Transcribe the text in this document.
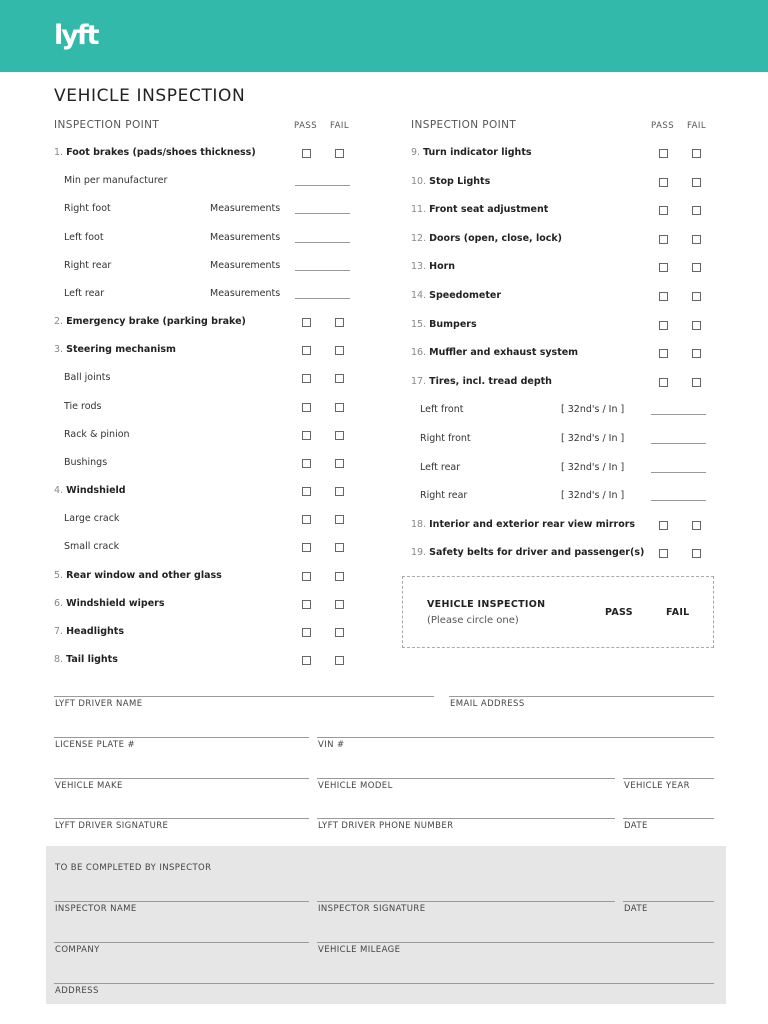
lyft
VEHICLE INSPECTION
INSPECTION POINT	PASS FAIL	INSPECTION POINT	PASS FAIL
1. Foot brakes (pads/shoes thickness)
Min per manufacturer
Right foot	Measurements
Left foot	Measurements
Right rear	Measurements
Left rear	Measurements
2. Emergency brake (parking brake)
3. Steering mechanism
Ball joints
Tie rods
Rack & pinion
Bushings
4. Windshield
Large crack
Small crack
5. Rear window and other glass
6. Windshield wipers
7. Headlights
8. Tail lights
9. Turn indicator lights
10. Stop Lights
11. Front seat adjustment
12. Doors (open, close, lock)
13. Horn
14. Speedometer
15. Bumpers
16. Muffler and exhaust system
17. Tires, incl. tread depth
Left front	[ 32nd's / In ]
Right front	[ 32nd's / In ]
Left rear	[ 32nd's / In ]
Right rear	[ 32nd's / In ]
18. Interior and exterior rear view mirrors
19. Safety belts for driver and passenger(s)
VEHICLE INSPECTION
(Please circle one)
PASS	FAIL
LYFT DRIVER NAME	EMAIL ADDRESS
LICENSE PLATE #	VIN #
VEHICLE MAKE	VEHICLE MODEL	VEHICLE YEAR
LYFT DRIVER SIGNATURE	LYFT DRIVER PHONE NUMBER	DATE
TO BE COMPLETED BY INSPECTOR
INSPECTOR NAME	INSPECTOR SIGNATURE	DATE
COMPANY	VEHICLE MILEAGE
ADDRESS
